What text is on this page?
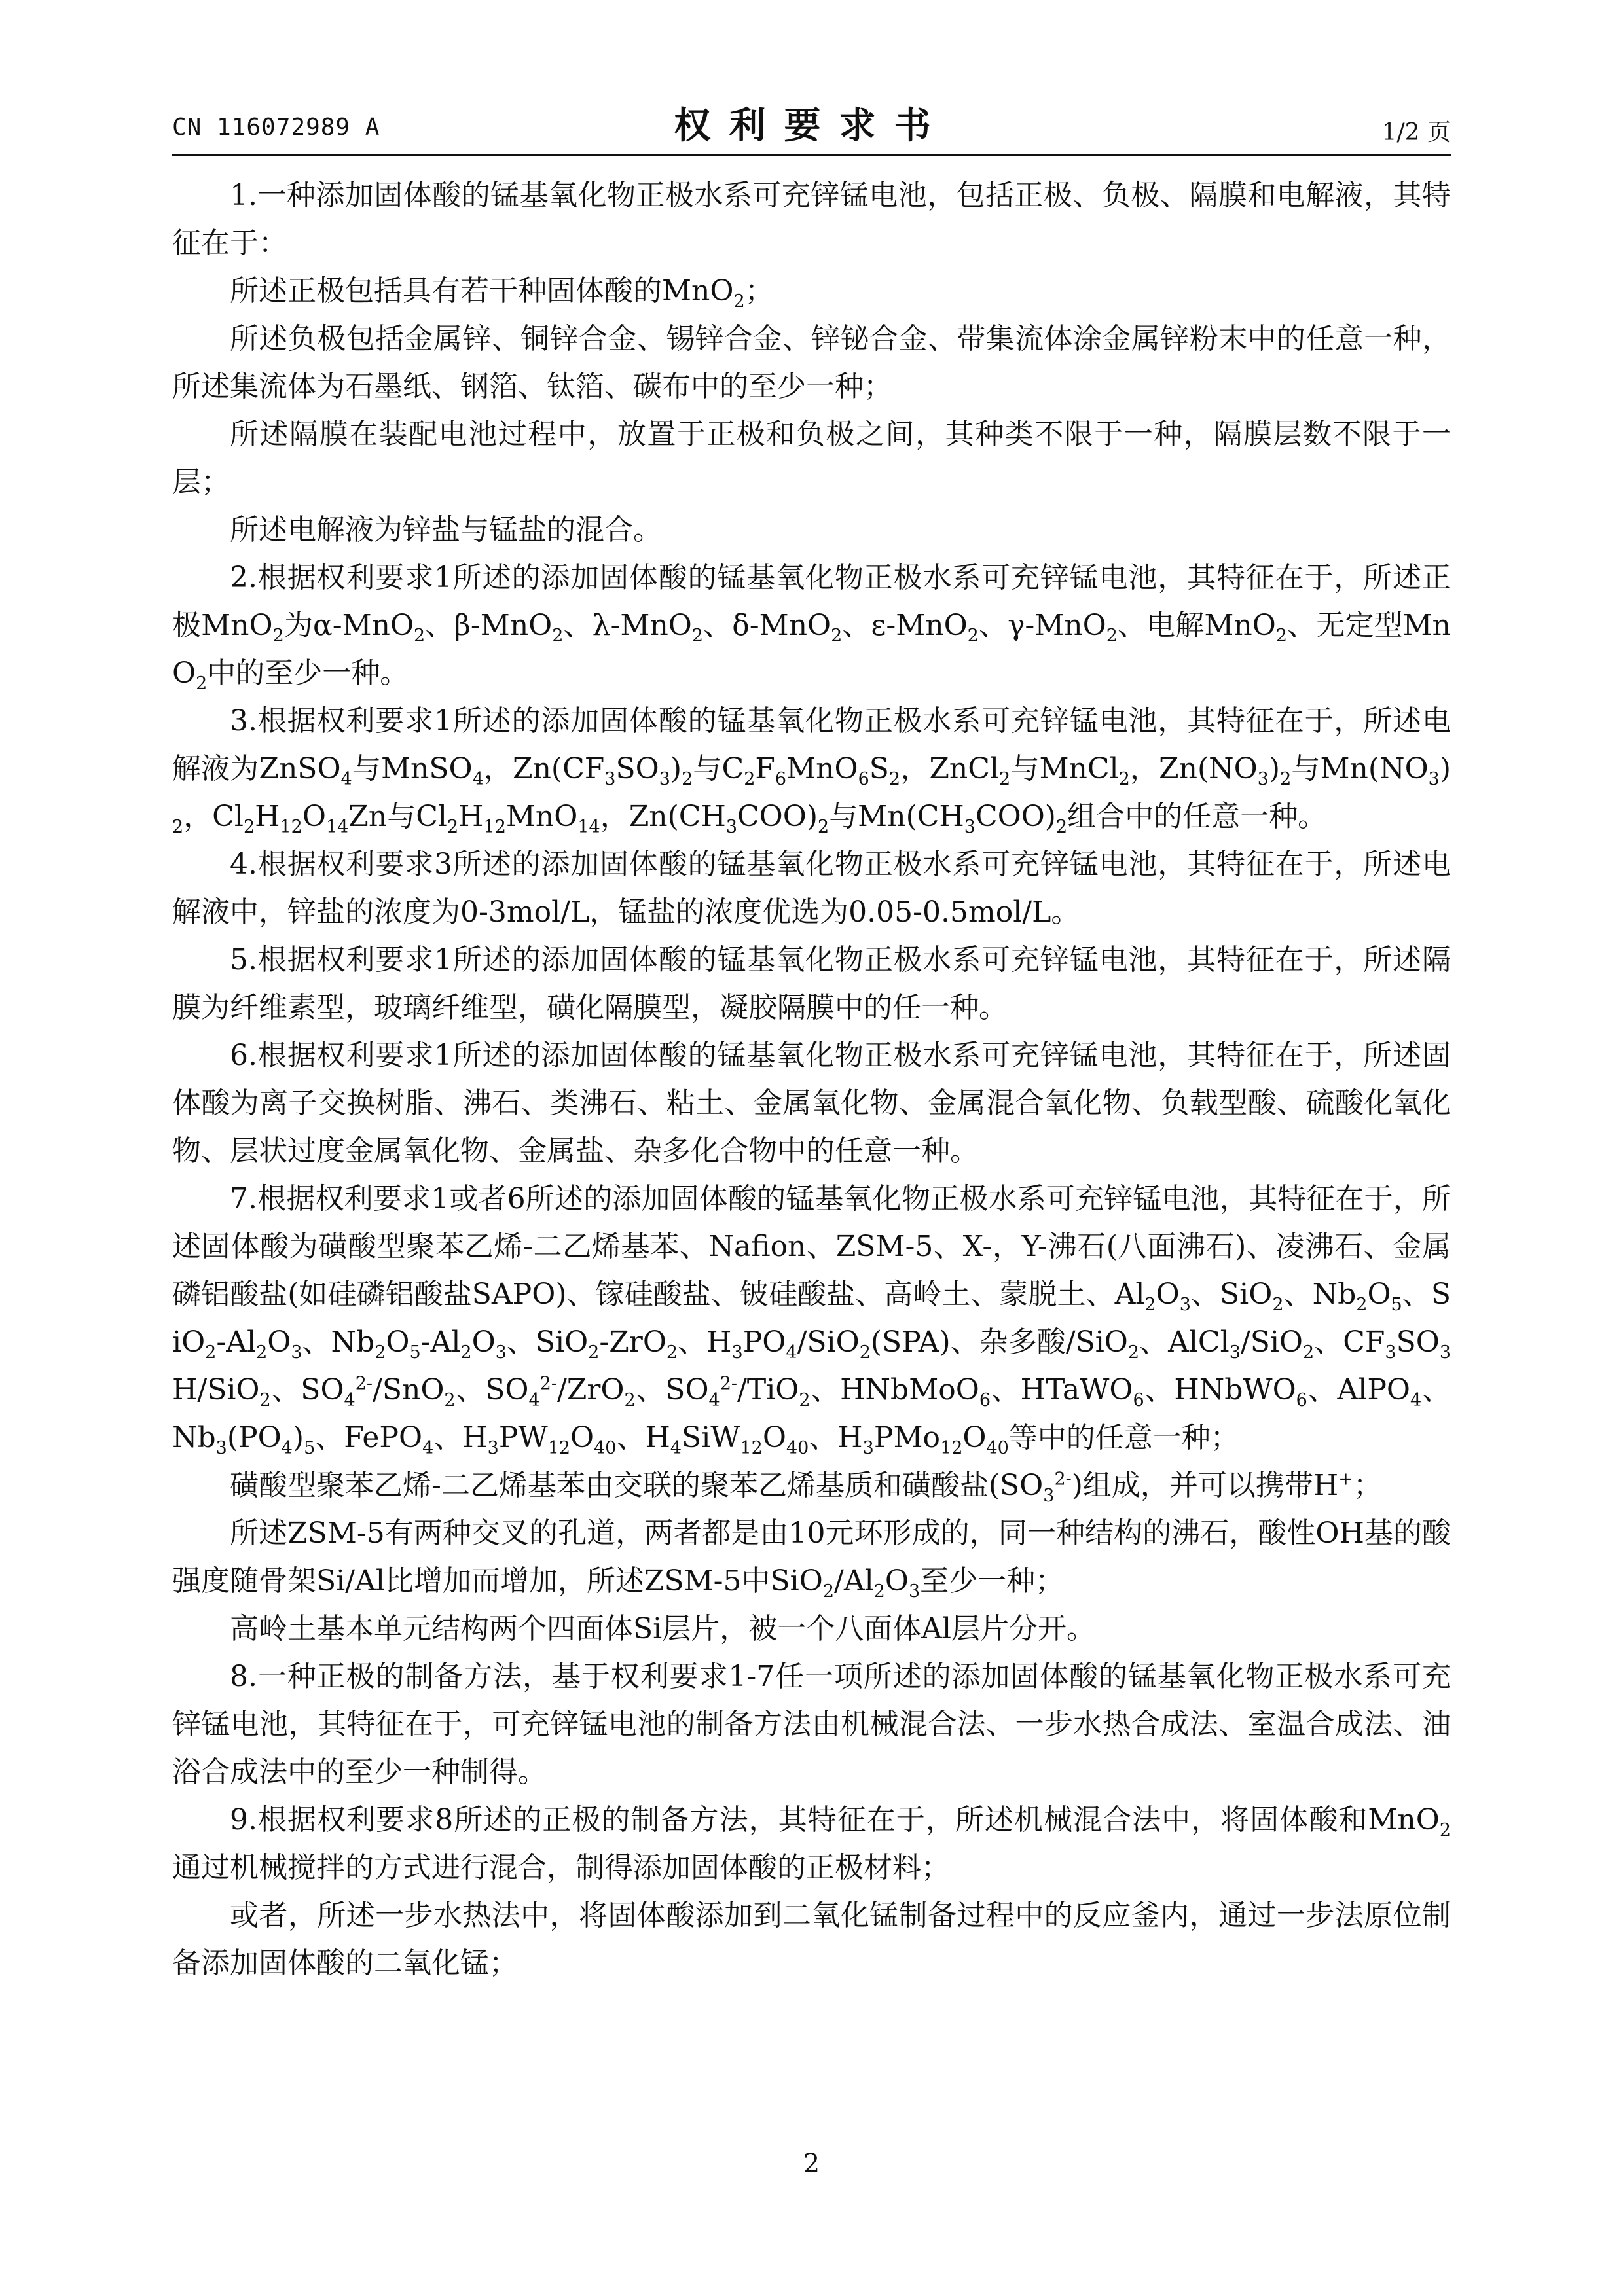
CN 116072989 A	权利要求书	1/2 页

1.一种添加固体酸的锰基氧化物正极水系可充锌锰电池，包括正极、负极、隔膜和电解液，其特征在于：

所述正极包括具有若干种固体酸的MnO$_2$；

所述负极包括金属锌、铜锌合金、锡锌合金、锌铋合金、带集流体涂金属锌粉末中的任意一种，所述集流体为石墨纸、钢箔、钛箔、碳布中的至少一种；

所述隔膜在装配电池过程中，放置于正极和负极之间，其种类不限于一种，隔膜层数不限于一层；

所述电解液为锌盐与锰盐的混合。

2.根据权利要求1所述的添加固体酸的锰基氧化物正极水系可充锌锰电池，其特征在于，所述正极MnO$_2$为α-MnO$_2$、β-MnO$_2$、λ-MnO$_2$、δ-MnO$_2$、ε-MnO$_2$、γ-MnO$_2$、电解MnO$_2$、无定型MnO$_2$中的至少一种。

3.根据权利要求1所述的添加固体酸的锰基氧化物正极水系可充锌锰电池，其特征在于，所述电解液为ZnSO$_4$与MnSO$_4$，$Zn(CF_3SO_3)_2$与$C_2F_6MnO_6S_2$，ZnCl$_2$与MnCl$_2$，$Zn(NO_3)_2$与$Mn(NO_3)_2$，$Cl_2H_{12}O_{14}Zn$与$Cl_2H_{12}MnO_{14}$，$Zn(CH_3COO)_2$与$Mn(CH_3COO)_2$组合中的任意一种。

4.根据权利要求3所述的添加固体酸的锰基氧化物正极水系可充锌锰电池，其特征在于，所述电解液中，锌盐的浓度为0-3mol/L，锰盐的浓度优选为0.05-0.5mol/L。

5.根据权利要求1所述的添加固体酸的锰基氧化物正极水系可充锌锰电池，其特征在于，所述隔膜为纤维素型，玻璃纤维型，磺化隔膜型，凝胶隔膜中的任一种。

6.根据权利要求1所述的添加固体酸的锰基氧化物正极水系可充锌锰电池，其特征在于，所述固体酸为离子交换树脂、沸石、类沸石、粘土、金属氧化物、金属混合氧化物、负载型酸、硫酸化氧化物、层状过度金属氧化物、金属盐、杂多化合物中的任意一种。

7.根据权利要求1或者6所述的添加固体酸的锰基氧化物正极水系可充锌锰电池，其特征在于，所述固体酸为磺酸型聚苯乙烯-二乙烯基苯、Nafion、ZSM-5、X-，Y-沸石(八面沸石)、凌沸石、金属磷铝酸盐(如硅磷铝酸盐SAPO)、镓硅酸盐、铍硅酸盐、高岭土、蒙脱土、$Al_2O_3$、SiO$_2$、$Nb_2O_5$、$SiO_2-Al_2O_3$、$Nb_2O_5-Al_2O_3$、SiO$_2$-ZrO$_2$、$H_3PO_4/SiO_2(SPA)$、杂多酸/SiO$_2$、AlCl$_3$/SiO$_2$、$CF_3SO_3H/SiO_2$、$SO_4^{2-}/SnO_2$、$SO_4^{2-}/ZrO_2$、$SO_4^{2-}/TiO_2$、HNbMoO$_6$、HTaWO$_6$、HNbWO$_6$、AlPO$_4$、$Nb_3(PO_4)_5$、FePO$_4$、$H_3PW_{12}O_{40}$、$H_4SiW_{12}O_{40}$、$H_3PMo_{12}O_{40}$等中的任意一种；

磺酸型聚苯乙烯-二乙烯基苯由交联的聚苯乙烯基质和磺酸盐$(SO_3^{2-})$组成，并可以携带H+；

所述ZSM-5有两种交叉的孔道，两者都是由10元环形成的，同一种结构的沸石，酸性OH基的酸强度随骨架Si/Al比增加而增加，所述ZSM-5中$SiO_2/Al_2O_3$至少一种；

高岭土基本单元结构两个四面体Si层片，被一个八面体Al层片分开。

8.一种正极的制备方法，基于权利要求1-7任一项所述的添加固体酸的锰基氧化物正极水系可充锌锰电池，其特征在于，可充锌锰电池的制备方法由机械混合法、一步水热合成法、室温合成法、油浴合成法中的至少一种制得。

9.根据权利要求8所述的正极的制备方法，其特征在于，所述机械混合法中，将固体酸和MnO$_2$通过机械搅拌的方式进行混合，制得添加固体酸的正极材料；

或者，所述一步水热法中，将固体酸添加到二氧化锰制备过程中的反应釜内，通过一步法原位制备添加固体酸的二氧化锰；

2
